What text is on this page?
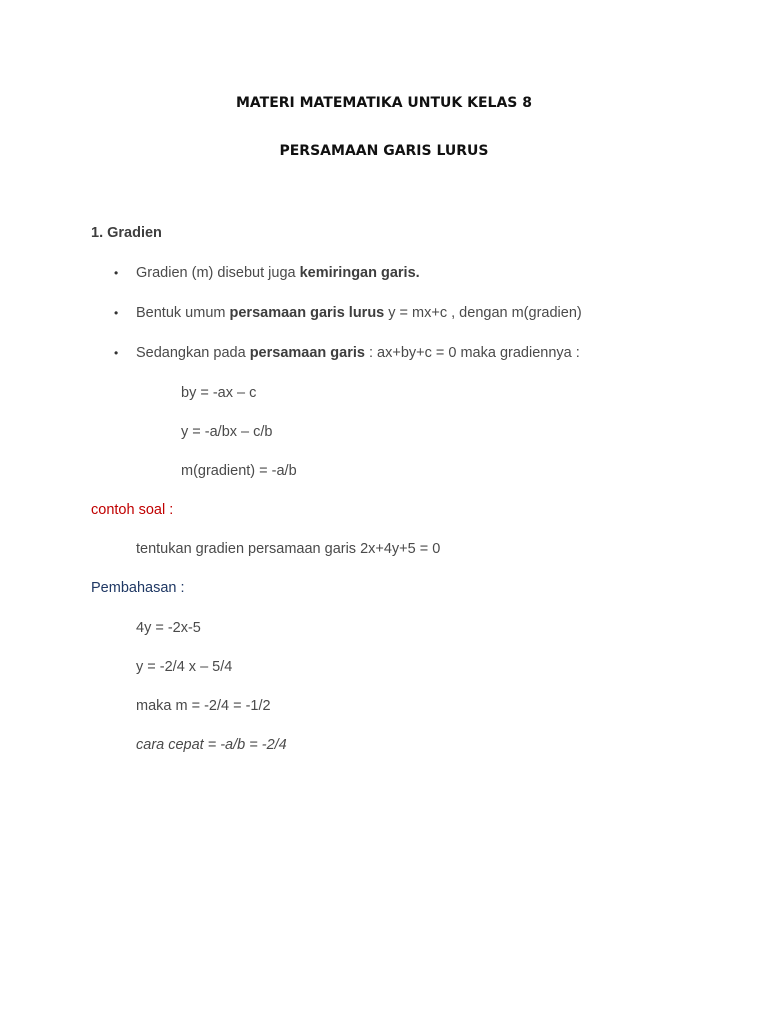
MATERI MATEMATIKA UNTUK KELAS 8
PERSAMAAN GARIS LURUS
1. Gradien
• Gradien (m) disebut juga kemiringan garis.
• Bentuk umum persamaan garis lurus y = mx+c , dengan m(gradien)
• Sedangkan pada persamaan garis : ax+by+c = 0 maka gradiennya :
by = -ax – c
y = -a/bx – c/b
m(gradient) = -a/b
contoh soal :
tentukan gradien persamaan garis 2x+4y+5 = 0
Pembahasan :
4y = -2x-5
y = -2/4 x – 5/4
maka m = -2/4 = -1/2
cara cepat = -a/b = -2/4
